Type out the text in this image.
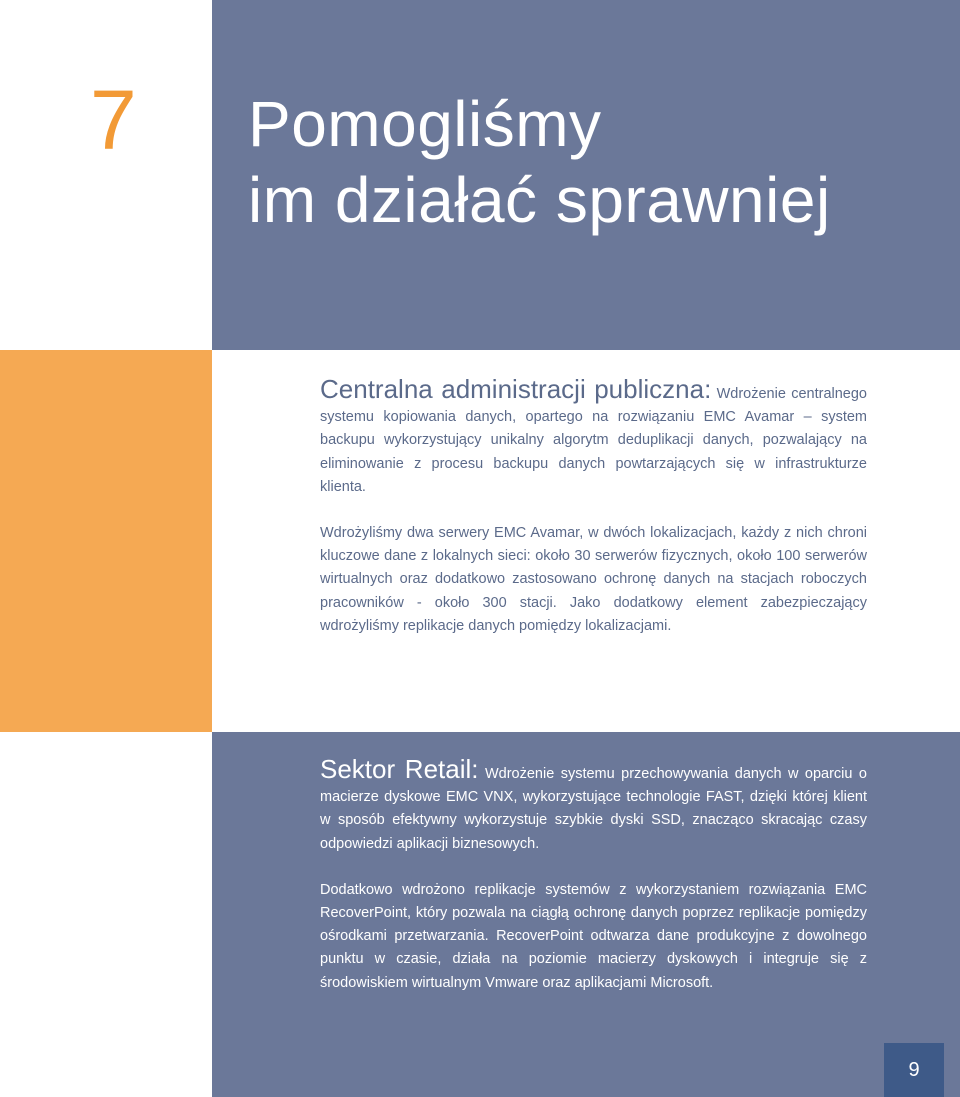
7 Pomogliśmy
im działać sprawniej

Centralna administracji publiczna: Wdrożenie centralnego systemu kopiowania danych, opartego na rozwiązaniu EMC Avamar – system backupu wykorzystujący unikalny algorytm deduplikacji danych, pozwalający na eliminowanie z procesu backupu danych powtarzających się w infrastrukturze klienta.

Wdrożyliśmy dwa serwery EMC Avamar, w dwóch lokalizacjach, każdy z nich chroni kluczowe dane z lokalnych sieci: około 30 serwerów fizycznych, około 100 serwerów wirtualnych oraz dodatkowo zastosowano ochronę danych na stacjach roboczych pracowników - około 300 stacji. Jako dodatkowy element zabezpieczający wdrożyliśmy replikacje danych pomiędzy lokalizacjami.

Sektor Retail: Wdrożenie systemu przechowywania danych w oparciu o macierze dyskowe EMC VNX, wykorzystujące technologie FAST, dzięki której klient w sposób efektywny wykorzystuje szybkie dyski SSD, znacząco skracając czasy odpowiedzi aplikacji biznesowych.

Dodatkowo wdrożono replikacje systemów z wykorzystaniem rozwiązania EMC RecoverPoint, który pozwala na ciągłą ochronę danych poprzez replikacje pomiędzy ośrodkami przetwarzania. RecoverPoint odtwarza dane produkcyjne z dowolnego punktu w czasie, działa na poziomie macierzy dyskowych i integruje się z środowiskiem wirtualnym Vmware oraz aplikacjami Microsoft.

9
